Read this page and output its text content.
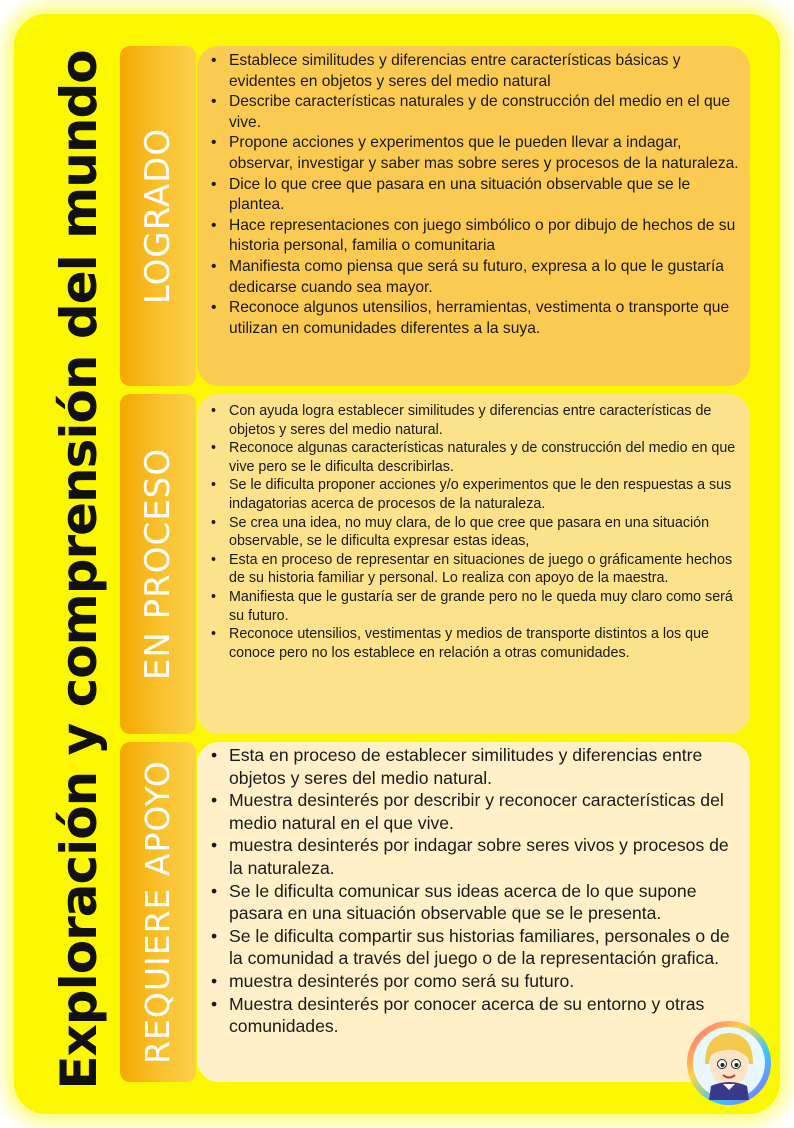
Exploración y comprensión del mundo LOGRADO
• Establece similitudes y diferencias entre características básicas y evidentes en objetos y seres del medio natural
• Describe características naturales y de construcción del medio en el que vive.
• Propone acciones y experimentos que le pueden llevar a indagar, observar, investigar y saber mas sobre seres y procesos de la naturaleza.
• Dice lo que cree que pasara en una situación observable que se le plantea.
• Hace representaciones con juego simbólico o por dibujo de hechos de su historia personal, familia o comunitaria
• Manifiesta como piensa que será su futuro, expresa a lo que le gustaría dedicarse cuando sea mayor.
• Reconoce algunos utensilios, herramientas, vestimenta o transporte que utilizan en comunidades diferentes a la suya.
EN PROCESO
• Con ayuda logra establecer similitudes y diferencias entre características de objetos y seres del medio natural.
• Reconoce algunas características naturales y de construcción del medio en que vive pero se le dificulta describirlas.
• Se le dificulta proponer acciones y/o experimentos que le den respuestas a sus indagatorias acerca de procesos de la naturaleza.
• Se crea una idea, no muy clara, de lo que cree que pasara en una situación observable, se le dificulta expresar estas ideas,
• Esta en proceso de representar en situaciones de juego o gráficamente hechos de su historia familiar y personal. Lo realiza con apoyo de la maestra.
• Manifiesta que le gustaría ser de grande pero no le queda muy claro como será su futuro.
• Reconoce utensilios, vestimentas y medios de transporte distintos a los que conoce pero no los establece en relación a otras comunidades.
REQUIERE APOYO
• Esta en proceso de establecer similitudes y diferencias entre objetos y seres del medio natural.
• Muestra desinterés por describir y reconocer características del medio natural en el que vive.
• muestra desinterés por indagar sobre seres vivos y procesos de la naturaleza.
• Se le dificulta comunicar sus ideas acerca de lo que supone pasara en una situación observable que se le presenta.
• Se le dificulta compartir sus historias familiares, personales o de la comunidad a través del juego o de la representación grafica.
• muestra desinterés por como será su futuro.
• Muestra desinterés por conocer acerca de su entorno y otras comunidades.
